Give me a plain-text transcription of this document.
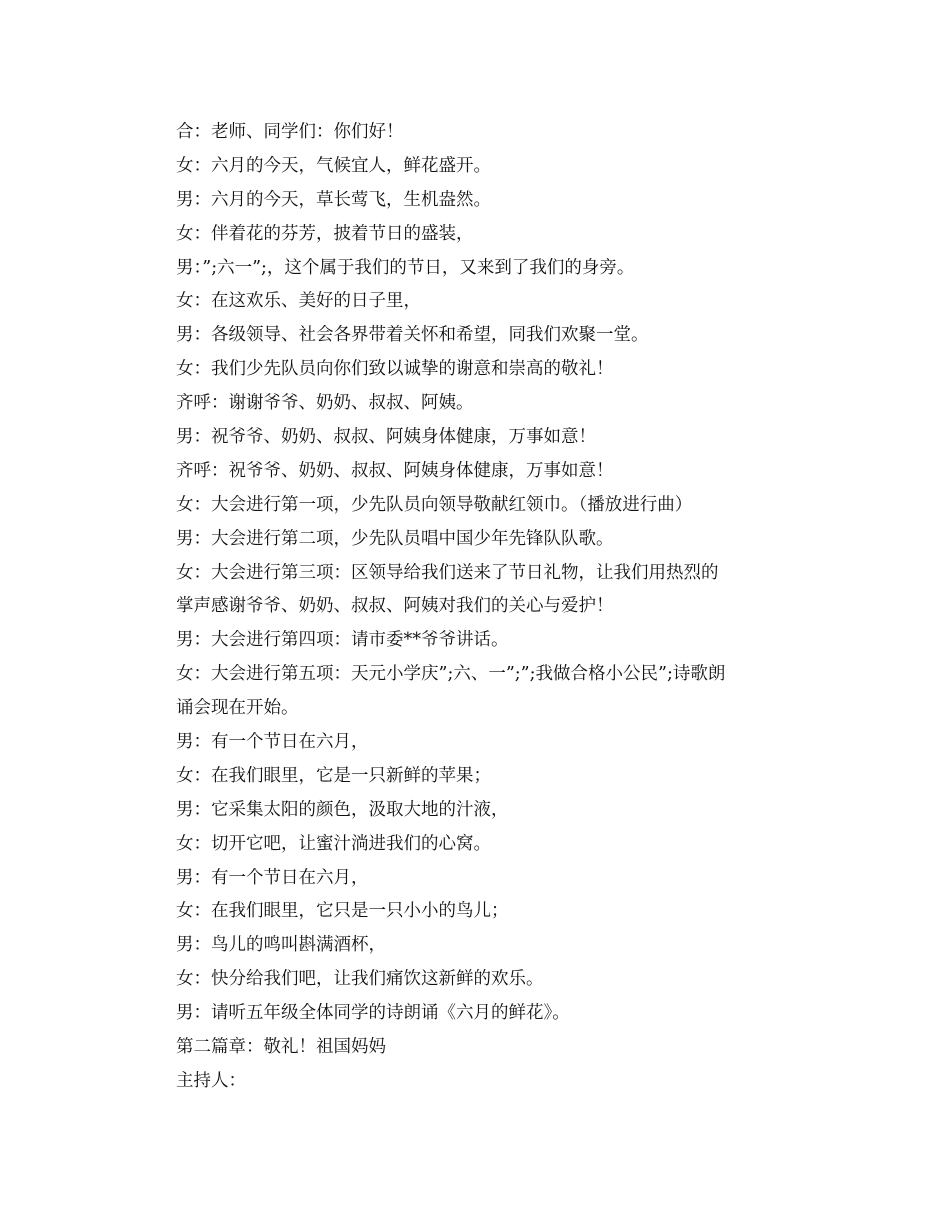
合：老师、同学们：你们好！
女：六月的今天，气候宜人，鲜花盛开。
男：六月的今天，草长莺飞，生机盎然。
女：伴着花的芬芳，披着节日的盛装，
男：”;六一”;，这个属于我们的节日，又来到了我们的身旁。
女：在这欢乐、美好的日子里，
男：各级领导、社会各界带着关怀和希望，同我们欢聚一堂。
女：我们少先队员向你们致以诚挚的谢意和崇高的敬礼！
齐呼：谢谢爷爷、奶奶、叔叔、阿姨。
男：祝爷爷、奶奶、叔叔、阿姨身体健康，万事如意！
齐呼：祝爷爷、奶奶、叔叔、阿姨身体健康，万事如意！
女：大会进行第一项，少先队员向领导敬献红领巾。（播放进行曲）
男：大会进行第二项，少先队员唱中国少年先锋队队歌。
女：大会进行第三项：区领导给我们送来了节日礼物，让我们用热烈的
掌声感谢爷爷、奶奶、叔叔、阿姨对我们的关心与爱护！
男：大会进行第四项：请市委**爷爷讲话。
女：大会进行第五项：天元小学庆”;六、一”;”;我做合格小公民”;诗歌朗
诵会现在开始。
男：有一个节日在六月，
女：在我们眼里，它是一只新鲜的苹果；
男：它采集太阳的颜色，汲取大地的汁液，
女：切开它吧，让蜜汁淌进我们的心窝。
男：有一个节日在六月，
女：在我们眼里，它只是一只小小的鸟儿；
男：鸟儿的鸣叫斟满酒杯，
女：快分给我们吧，让我们痛饮这新鲜的欢乐。
男：请听五年级全体同学的诗朗诵《六月的鲜花》。
第二篇章：敬礼！祖国妈妈
主持人：
